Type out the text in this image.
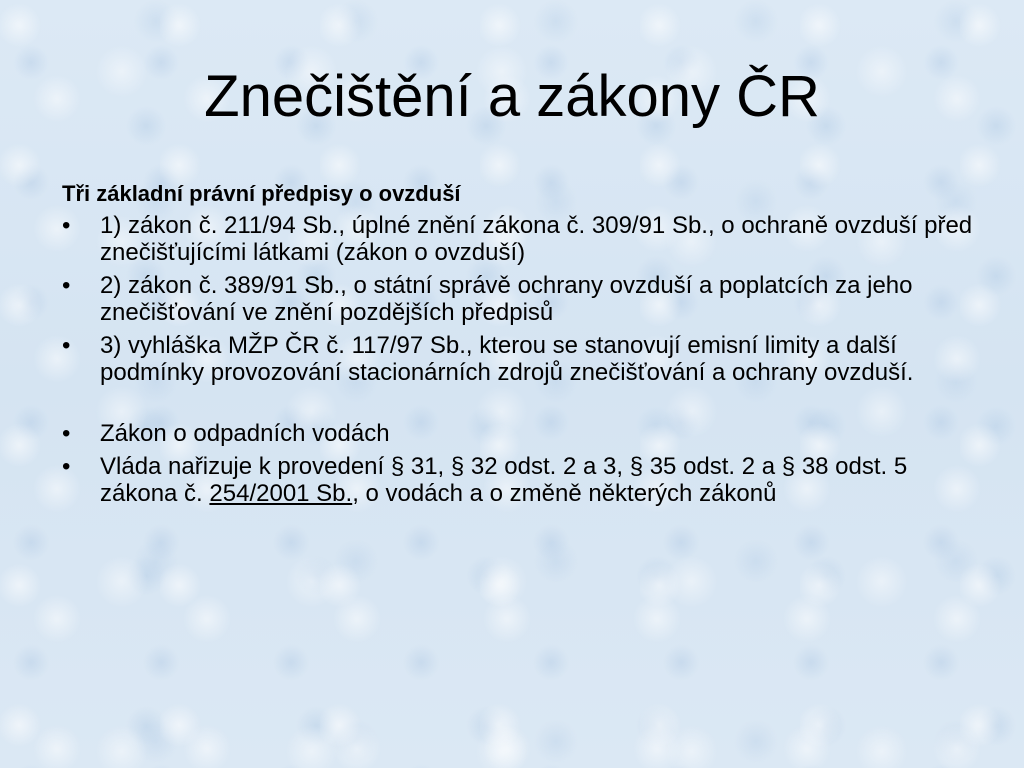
Znečištění a zákony ČR
Tři základní právní předpisy o ovzduší
• 1) zákon č. 211/94 Sb., úplné znění zákona č. 309/91 Sb., o ochraně ovzduší před znečišťujícími látkami (zákon o ovzduší)
• 2) zákon č. 389/91 Sb., o státní správě ochrany ovzduší a poplatcích za jeho znečišťování ve znění pozdějších předpisů
• 3) vyhláška MŽP ČR č. 117/97 Sb., kterou se stanovují emisní limity a další podmínky provozování stacionárních zdrojů znečišťování a ochrany ovzduší.
• Zákon o odpadních vodách
• Vláda nařizuje k provedení § 31, § 32 odst. 2 a 3, § 35 odst. 2 a § 38 odst. 5 zákona č. 254/2001 Sb., o vodách a o změně některých zákonů
